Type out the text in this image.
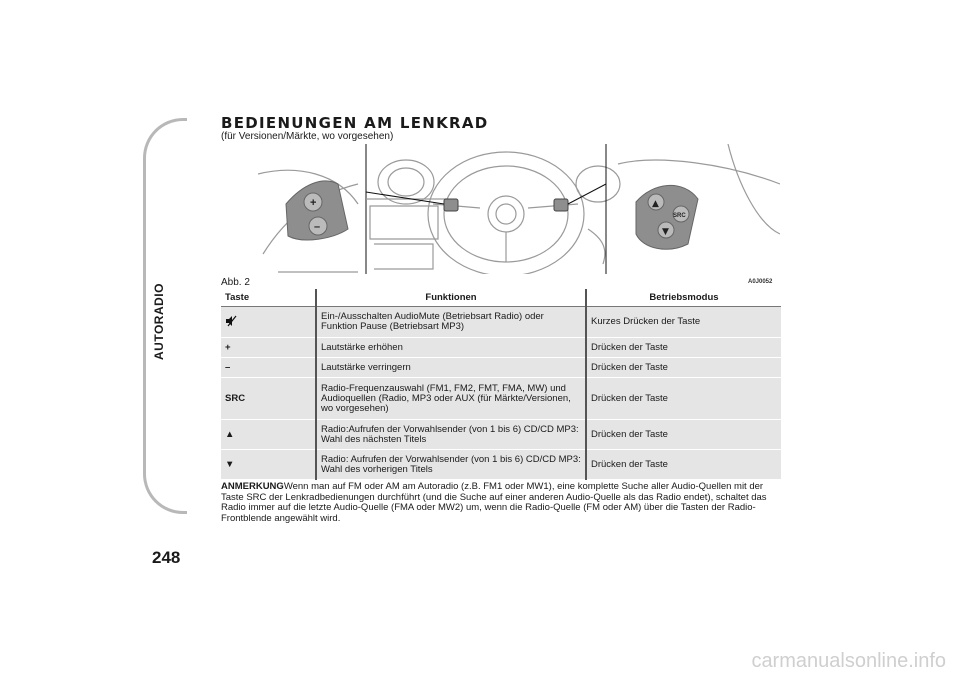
AUTORADIO
248
BEDIENUNGEN AM LENKRAD
(für Versionen/Märkte, wo vorgesehen)
+
–
▲
▼
SRC
Abb. 2	A0J0052
Taste	Funktionen	Betriebsmodus
	Ein-/Ausschalten AudioMute (Betriebsart Radio) oder Funktion Pause (Betriebsart MP3)	Kurzes Drücken der Taste
+	Lautstärke erhöhen	Drücken der Taste
–	Lautstärke verringern	Drücken der Taste
SRC	Radio-Frequenzauswahl (FM1, FM2, FMT, FMA, MW) und Audioquellen (Radio, MP3 oder AUX (für Märkte/Versionen, wo vorgesehen)	Drücken der Taste
▲	Radio:Aufrufen der Vorwahlsender (von 1 bis 6) CD/CD MP3: Wahl des nächsten Titels	Drücken der Taste
▼	Radio: Aufrufen der Vorwahlsender (von 1 bis 6) CD/CD MP3: Wahl des vorherigen Titels	Drücken der Taste
ANMERKUNGWenn man auf FM oder AM am Autoradio (z.B. FM1 oder MW1), eine komplette Suche aller Audio-Quellen mit der Taste SRC der Lenkradbedienungen durchführt (und die Suche auf einer anderen Audio-Quelle als das Radio endet), schaltet das Radio immer auf die letzte Audio-Quelle (FMA oder MW2) um, wenn die Radio-Quelle (FM oder AM) über die Tasten der Radio-Frontblende angewählt wird.
carmanualsonline.info
